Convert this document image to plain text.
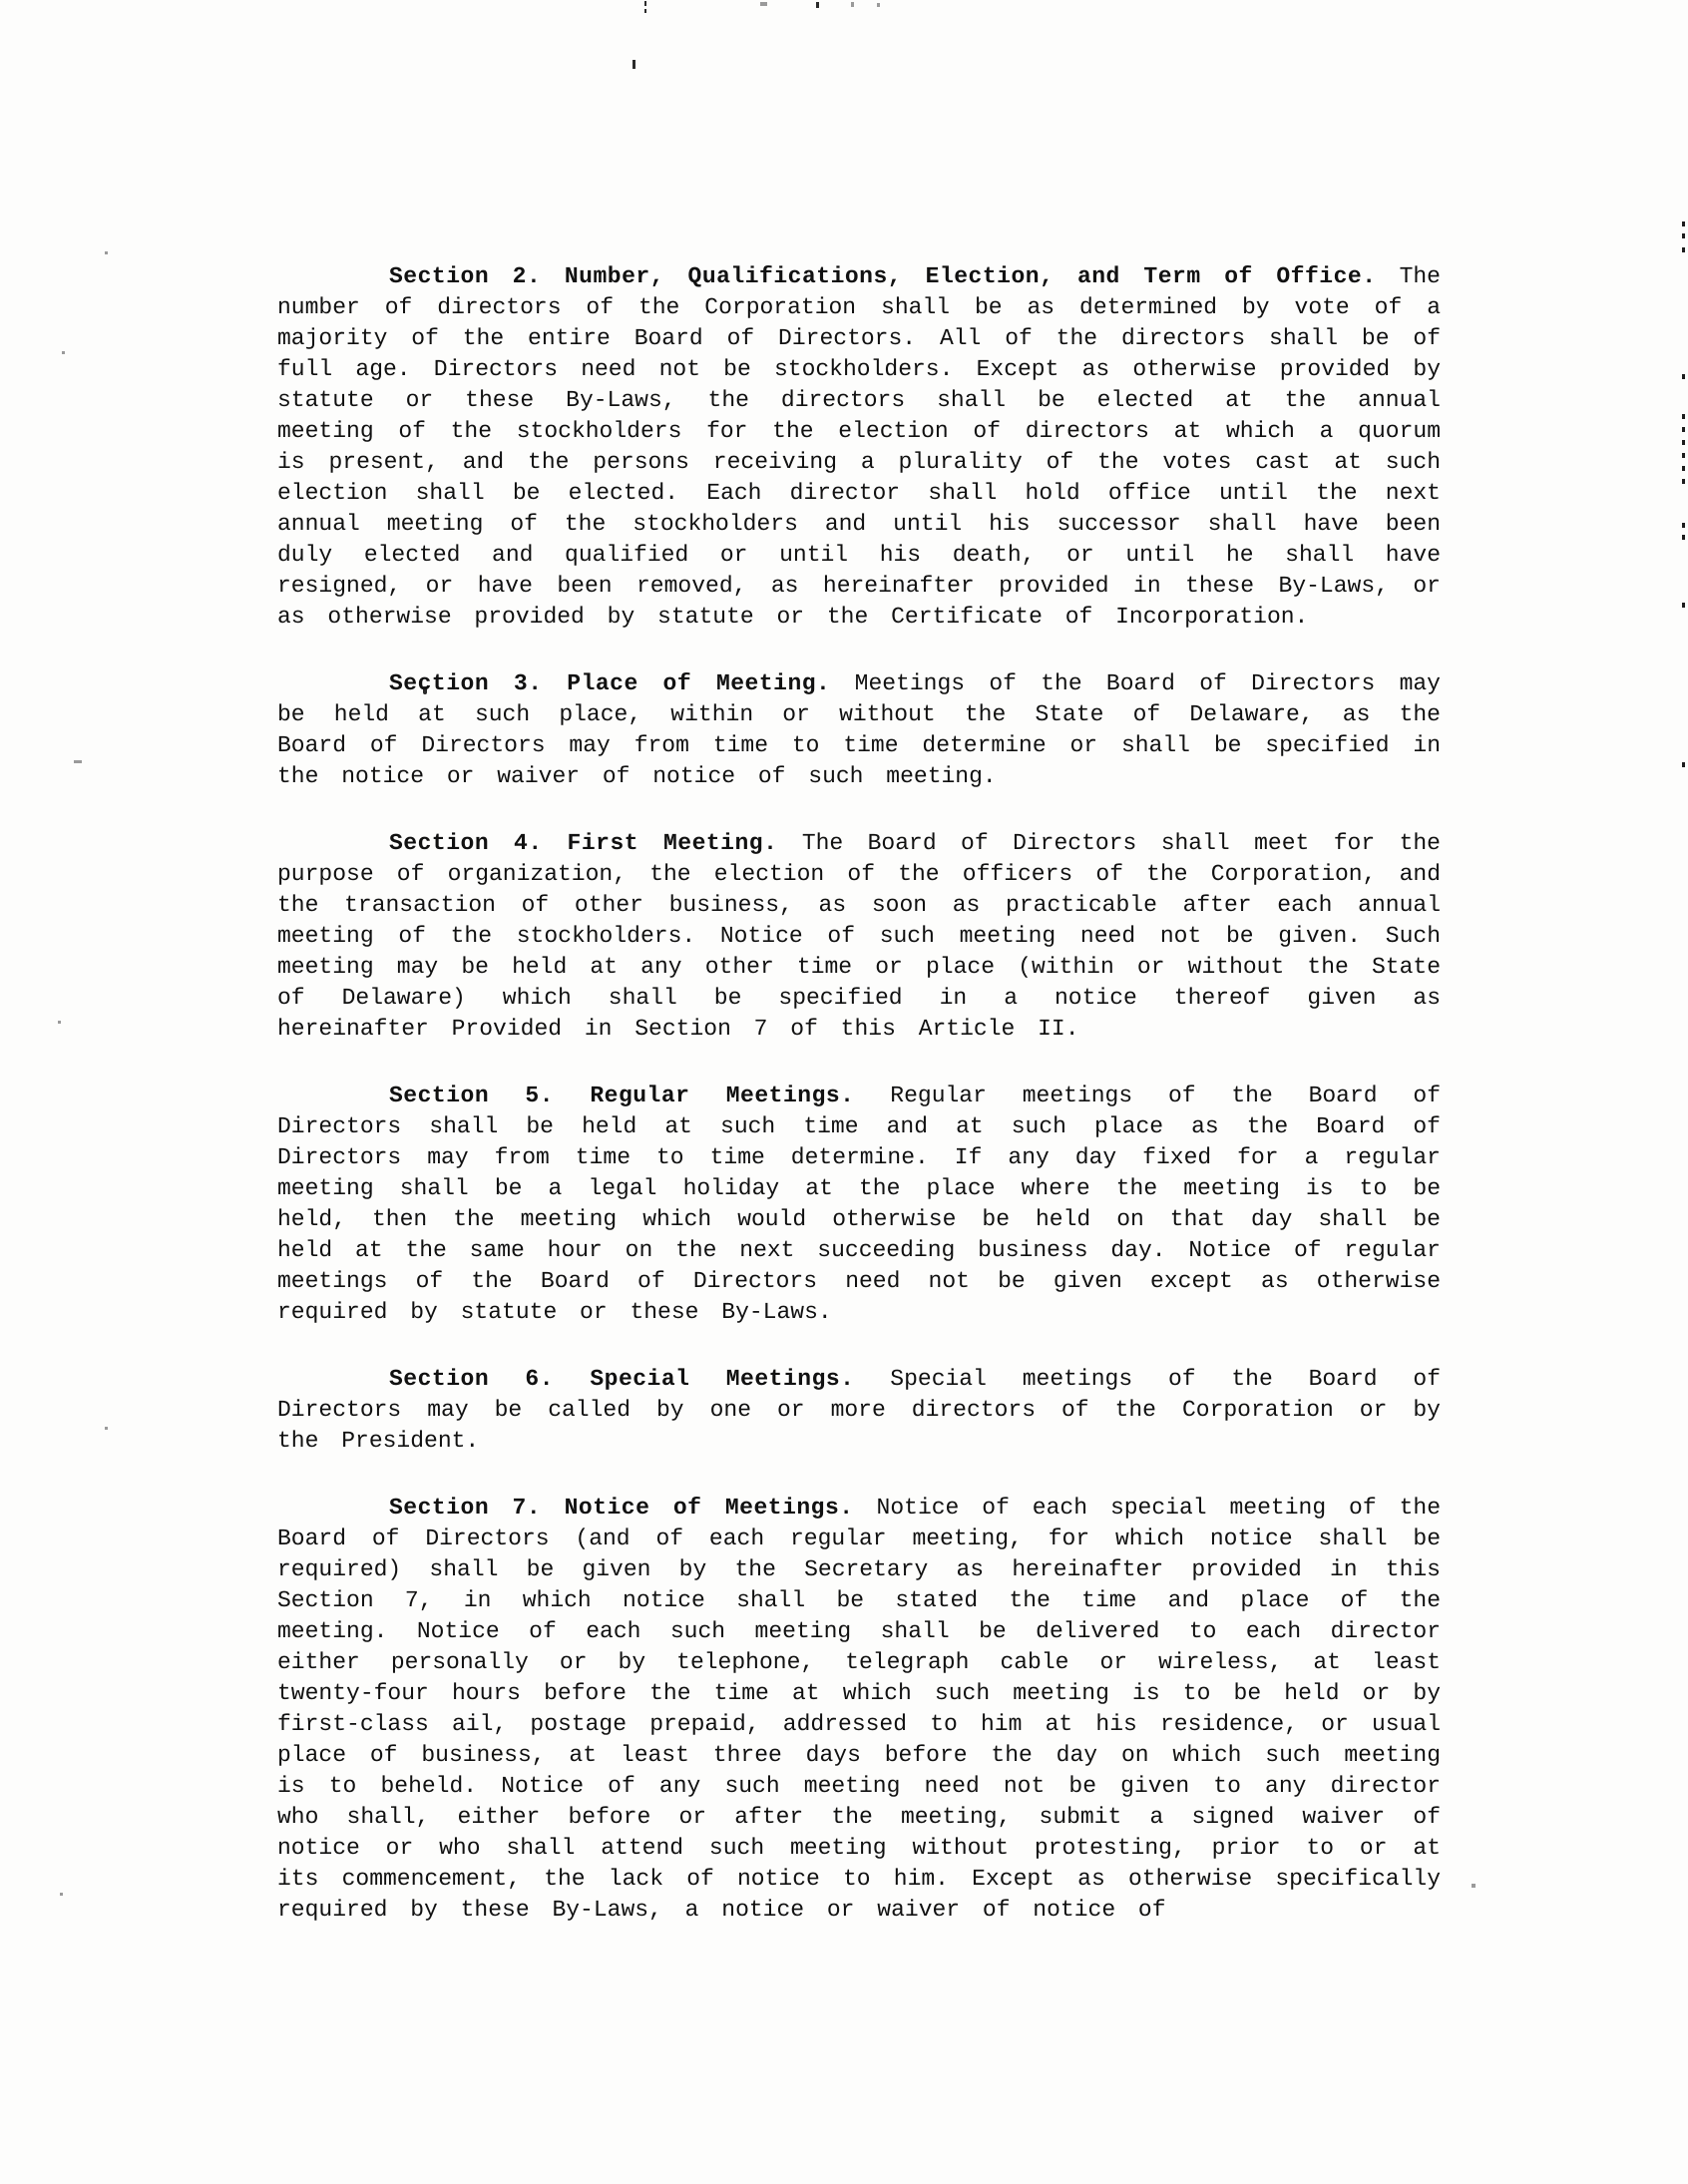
Section 2. Number, Qualifications, Election, and Term of Office. The number of directors of the Corporation shall be as determined by vote of a majority of the entire Board of Directors. All of the directors shall be of full age. Directors need not be stockholders. Except as otherwise provided by statute or these By-Laws, the directors shall be elected at the annual meeting of the stockholders for the election of directors at which a quorum is present, and the persons receiving a plurality of the votes cast at such election shall be elected. Each director shall hold office until the next annual meeting of the stockholders and until his successor shall have been duly elected and qualified or until his death, or until he shall have resigned, or have been removed, as hereinafter provided in these By-Laws, or as otherwise provided by statute or the Certificate of Incorporation.

Section 3. Place of Meeting. Meetings of the Board of Directors may be held at such place, within or without the State of Delaware, as the Board of Directors may from time to time determine or shall be specified in the notice or waiver of notice of such meeting.

Section 4. First Meeting. The Board of Directors shall meet for the purpose of organization, the election of the officers of the Corporation, and the transaction of other business, as soon as practicable after each annual meeting of the stockholders. Notice of such meeting need not be given. Such meeting may be held at any other time or place (within or without the State of Delaware) which shall be specified in a notice thereof given as hereinafter Provided in Section 7 of this Article II.

Section 5. Regular Meetings. Regular meetings of the Board of Directors shall be held at such time and at such place as the Board of Directors may from time to time determine. If any day fixed for a regular meeting shall be a legal holiday at the place where the meeting is to be held, then the meeting which would otherwise be held on that day shall be held at the same hour on the next succeeding business day. Notice of regular meetings of the Board of Directors need not be given except as otherwise required by statute or these By-Laws.

Section 6. Special Meetings. Special meetings of the Board of Directors may be called by one or more directors of the Corporation or by the President.

Section 7. Notice of Meetings. Notice of each special meeting of the Board of Directors (and of each regular meeting, for which notice shall be required) shall be given by the Secretary as hereinafter provided in this Section 7, in which notice shall be stated the time and place of the meeting. Notice of each such meeting shall be delivered to each director either personally or by telephone, telegraph cable or wireless, at least twenty-four hours before the time at which such meeting is to be held or by first-class ail, postage prepaid, addressed to him at his residence, or usual place of business, at least three days before the day on which such meeting is to beheld. Notice of any such meeting need not be given to any director who shall, either before or after the meeting, submit a signed waiver of notice or who shall attend such meeting without protesting, prior to or at its commencement, the lack of notice to him. Except as otherwise specifically required by these By-Laws, a notice or waiver of notice of
